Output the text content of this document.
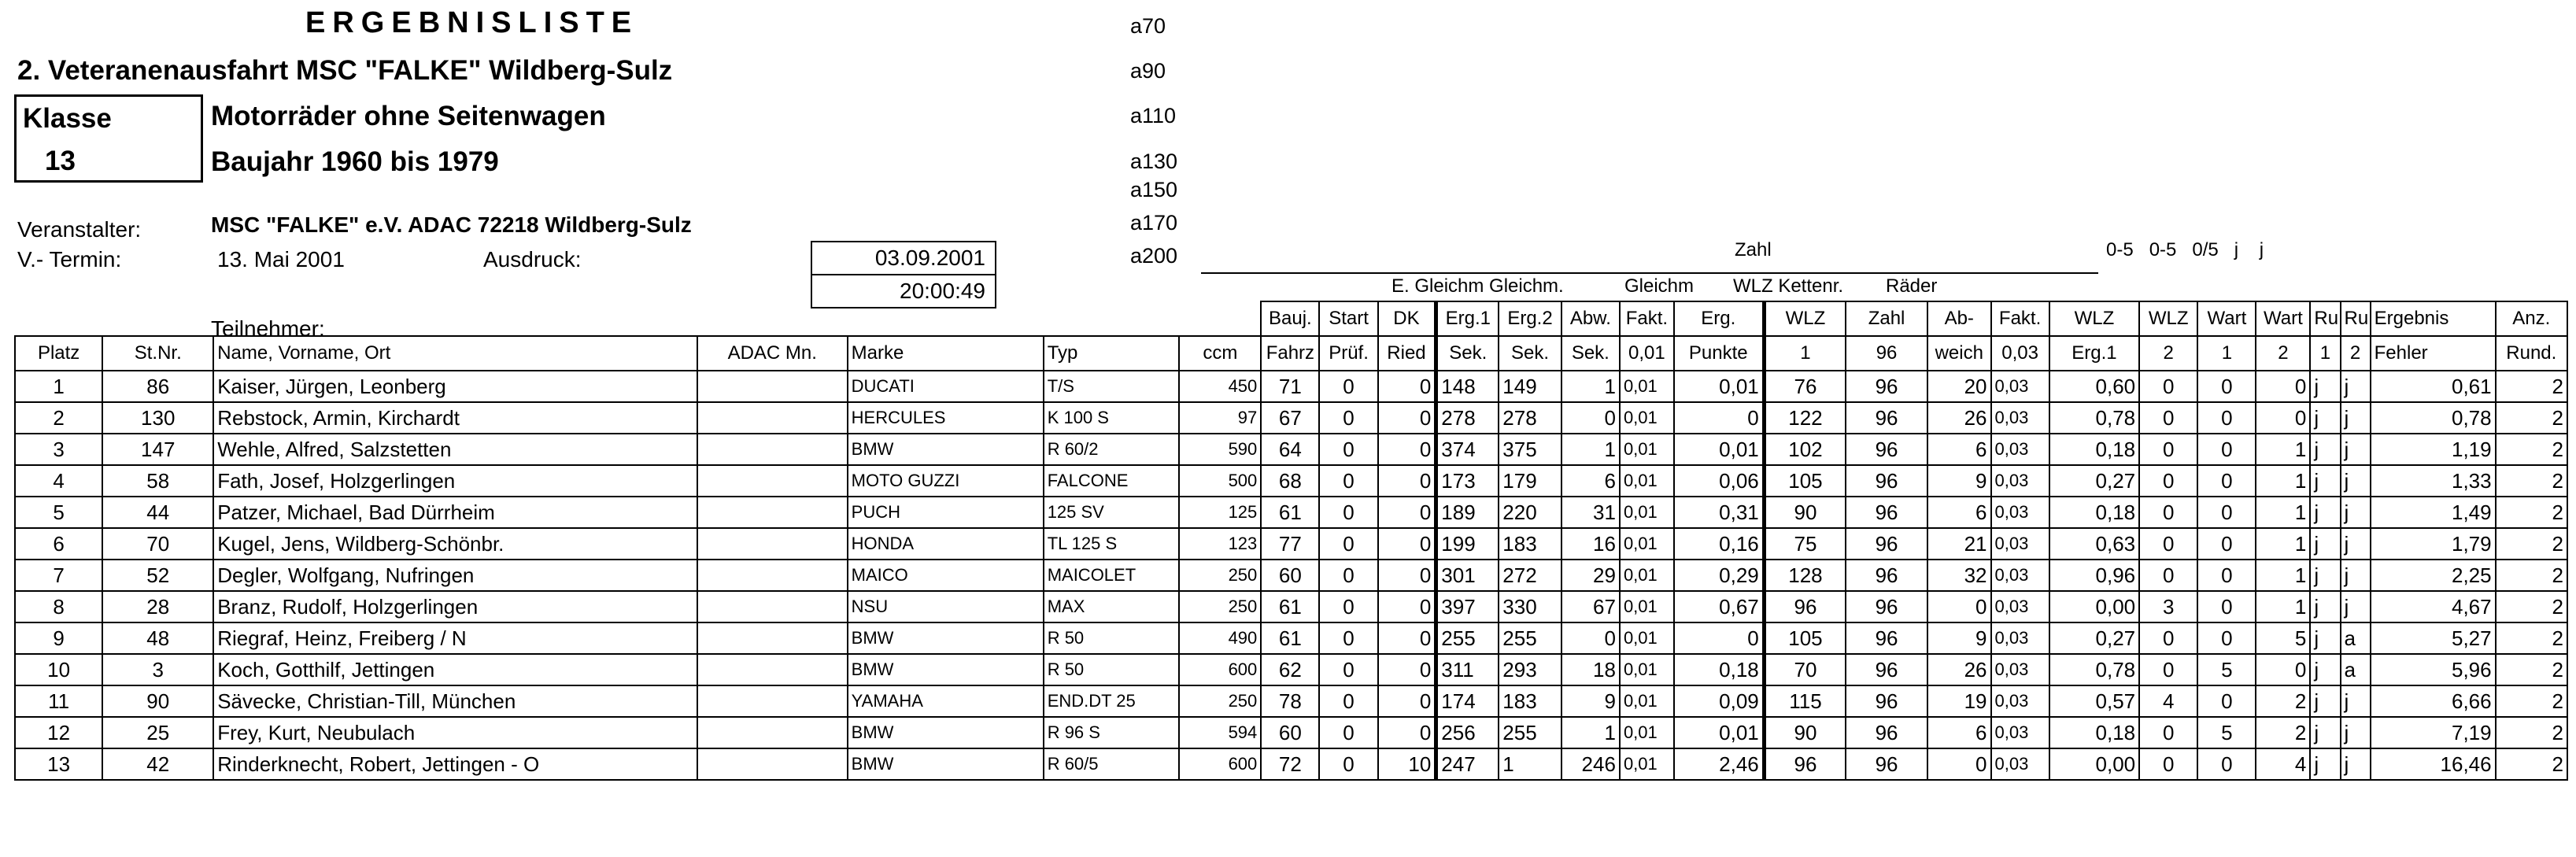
ERGEBNISLISTE
2. Veteranenausfahrt MSC "FALKE" Wildberg-Sulz
Klasse
13
Motorräder ohne Seitenwagen
Baujahr 1960 bis 1979
a70
a90
a110
a130
a150
a170
a200
Veranstalter:	MSC "FALKE" e.V. ADAC 72218 Wildberg-Sulz
V.- Termin:	13. Mai 2001	Ausdruck:	03.09.2001
20:00:49
Teilnehmer:
E. Gleichm Gleichm.	Gleichm
Zahl
WLZ Kettenr. Räder
0-5   0-5   0/5   j    j
							Bauj.	Start	DK	Erg.1	Erg.2	Abw.	Fakt.	Erg.	WLZ	Zahl	Ab-	Fakt.	WLZ	WLZ	Wart	Wart	Ru	Ru	Ergebnis	Anz.
Platz	St.Nr.	Name, Vorname, Ort	ADAC Mn.	Marke	Typ	ccm	Fahrz	Prüf.	Ried	Sek.	Sek.	Sek.	0,01	Punkte	1	96	weich	0,03	Erg.1	2	1	2	1	2	Fehler	Rund.
1	86	Kaiser, Jürgen, Leonberg		DUCATI	T/S	450	71	0	0	148	149	1	0,01	0,01	76	96	20	0,03	0,60	0	0	0	j	j	0,61	2
2	130	Rebstock, Armin, Kirchardt		HERCULES	K 100 S	97	67	0	0	278	278	0	0,01	0	122	96	26	0,03	0,78	0	0	0	j	j	0,78	2
3	147	Wehle, Alfred, Salzstetten		BMW	R 60/2	590	64	0	0	374	375	1	0,01	0,01	102	96	6	0,03	0,18	0	0	1	j	j	1,19	2
4	58	Fath, Josef, Holzgerlingen		MOTO GUZZI	FALCONE	500	68	0	0	173	179	6	0,01	0,06	105	96	9	0,03	0,27	0	0	1	j	j	1,33	2
5	44	Patzer, Michael, Bad Dürrheim		PUCH	125 SV	125	61	0	0	189	220	31	0,01	0,31	90	96	6	0,03	0,18	0	0	1	j	j	1,49	2
6	70	Kugel, Jens, Wildberg-Schönbr.		HONDA	TL 125 S	123	77	0	0	199	183	16	0,01	0,16	75	96	21	0,03	0,63	0	0	1	j	j	1,79	2
7	52	Degler, Wolfgang, Nufringen		MAICO	MAICOLET	250	60	0	0	301	272	29	0,01	0,29	128	96	32	0,03	0,96	0	0	1	j	j	2,25	2
8	28	Branz, Rudolf, Holzgerlingen		NSU	MAX	250	61	0	0	397	330	67	0,01	0,67	96	96	0	0,03	0,00	3	0	1	j	j	4,67	2
9	48	Riegraf, Heinz, Freiberg / N		BMW	R 50	490	61	0	0	255	255	0	0,01	0	105	96	9	0,03	0,27	0	0	5	j	a	5,27	2
10	3	Koch, Gotthilf, Jettingen		BMW	R 50	600	62	0	0	311	293	18	0,01	0,18	70	96	26	0,03	0,78	0	5	0	j	a	5,96	2
11	90	Sävecke, Christian-Till, München		YAMAHA	END.DT 25	250	78	0	0	174	183	9	0,01	0,09	115	96	19	0,03	0,57	4	0	2	j	j	6,66	2
12	25	Frey, Kurt, Neubulach		BMW	R 96 S	594	60	0	0	256	255	1	0,01	0,01	90	96	6	0,03	0,18	0	5	2	j	j	7,19	2
13	42	Rinderknecht, Robert, Jettingen - O		BMW	R 60/5	600	72	0	10	247	1	246	0,01	2,46	96	96	0	0,03	0,00	0	0	4	j	j	16,46	2
